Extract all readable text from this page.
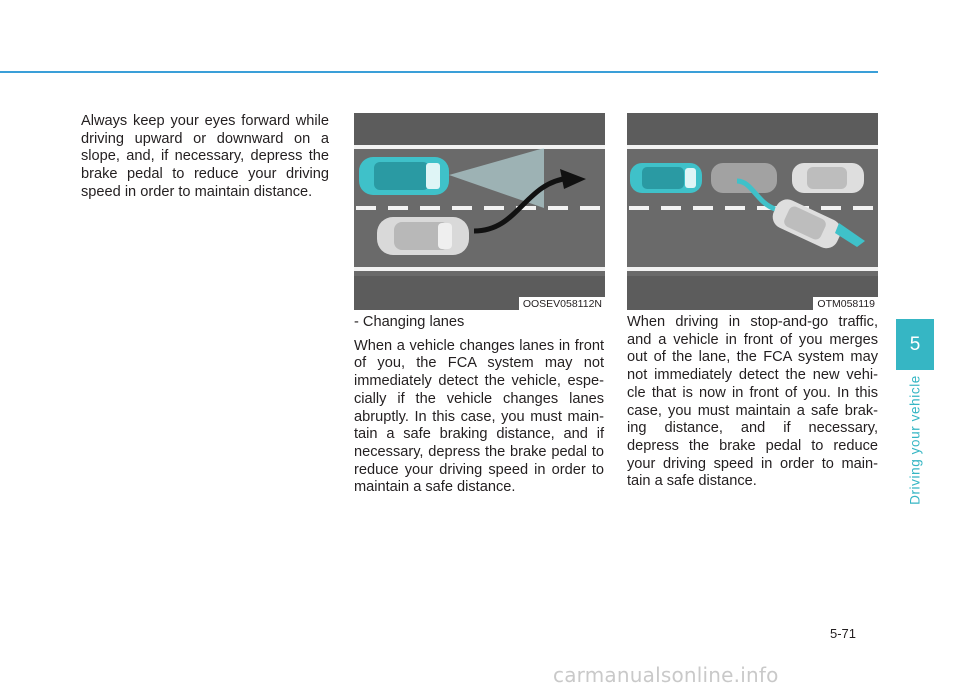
Always keep your eyes forward while driving upward or downward on a slope, and, if necessary, depress the brake pedal to reduce your driving speed in order to maintain distance.

OOSEV058112N	OTM058119

- Changing lanes

When a vehicle changes lanes in front of you, the FCA system may not immediately detect the vehicle, espe-cially if the vehicle changes lanes abruptly. In this case, you must main-tain a safe braking distance, and if necessary, depress the brake pedal to reduce your driving speed in order to maintain a safe distance.

When driving in stop-and-go traffic, and a vehicle in front of you merges out of the lane, the FCA system may not immediately detect the new vehi-cle that is now in front of you. In this case, you must maintain a safe brak-ing distance, and if necessary, depress the brake pedal to reduce your driving speed in order to main-tain a safe distance.

5
Driving your vehicle
5-71
carmanualsonline.info
